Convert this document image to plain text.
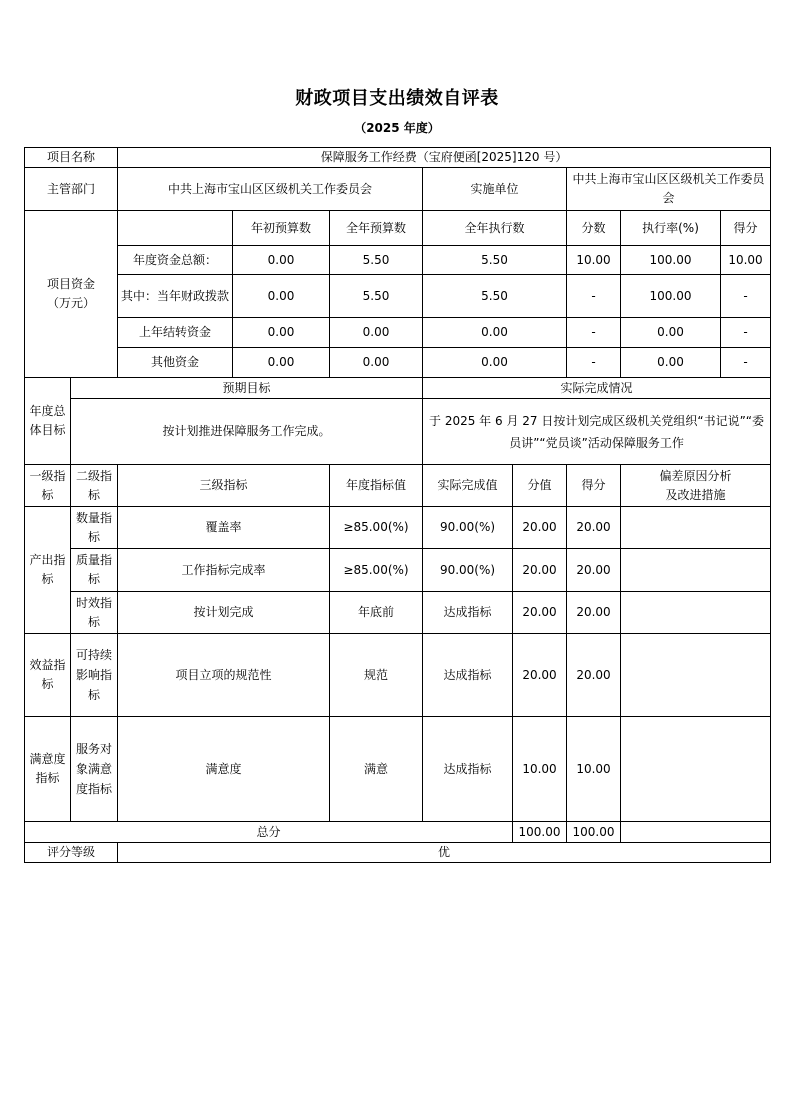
财政项目支出绩效自评表
（2025 年度）
项目名称		保障服务工作经费（宝府便函[2025]120 号）							
主管部门		中共上海市宝山区区级机关工作委员会			实施单位		中共上海市宝山区区级机关工作委员会		
项目资金
（万元）			年初预算数	全年预算数	全年执行数		分数	执行率(%)	得分
		年度资金总额：	0.00	5.50	5.50		10.00	100.00	10.00
		其中：当年财政拨款	0.00	5.50	5.50		-	100.00	-
		上年结转资金	0.00	0.00	0.00		-	0.00	-
		其他资金	0.00	0.00	0.00		-	0.00	-
年度总体目标	预期目标				实际完成情况				
	按计划推进保障服务工作完成。				于 2025 年 6 月 27 日按计划完成区级机关党组织“书记说”“委员讲”“党员谈”活动保障服务工作				
一级指标	二级指标	三级指标		年度指标值	实际完成值	分值	得分	偏差原因分析
及改进措施	
产出指标	数量指标	覆盖率		≥85.00(%)	90.00(%)	20.00	20.00		
	质量指标	工作指标完成率		≥85.00(%)	90.00(%)	20.00	20.00		
	时效指标	按计划完成		年底前	达成指标	20.00	20.00		
效益指标	可持续影响指标	项目立项的规范性		规范	达成指标	20.00	20.00		
满意度指标	服务对象满意度指标	满意度		满意	达成指标	10.00	10.00		
总分						100.00	100.00		
评分等级		优							
